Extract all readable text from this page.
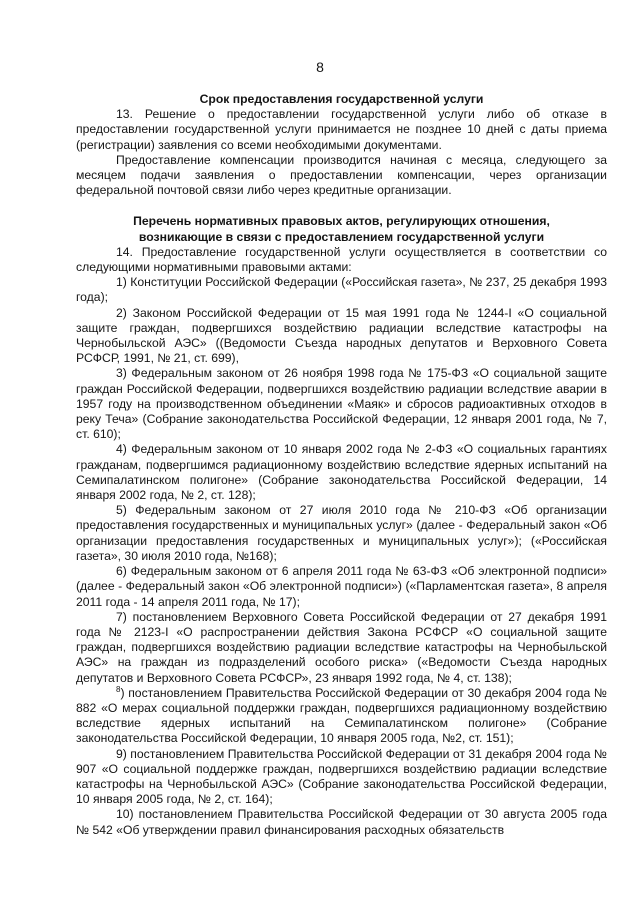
8
Срок предоставления государственной услуги

13. Решение о предоставлении государственной услуги либо об отказе в предоставлении государственной услуги принимается не позднее 10 дней с даты приема (регистрации) заявления со всеми необходимыми документами.

Предоставление компенсации производится начиная с месяца, следующего за месяцем подачи заявления о предоставлении компенсации, через организации федеральной почтовой связи либо через кредитные организации.

Перечень нормативных правовых актов, регулирующих отношения,
возникающие в связи с предоставлением государственной услуги

14. Предоставление государственной услуги осуществляется в соответствии со следующими нормативными правовыми актами:

1) Конституции Российской Федерации («Российская газета», № 237, 25 декабря 1993 года);

2) Законом Российской Федерации от 15 мая 1991 года № 1244-I «О социальной защите граждан, подвергшихся воздействию радиации вследствие катастрофы на Чернобыльской АЭС» ((Ведомости Съезда народных депутатов и Верховного Совета РСФСР, 1991, № 21, ст. 699),

3) Федеральным законом от 26 ноября 1998 года № 175-ФЗ «О социальной защите граждан Российской Федерации, подвергшихся воздействию радиации вследствие аварии в 1957 году на производственном объединении «Маяк» и сбросов радиоактивных отходов в реку Теча» (Собрание законодательства Российской Федерации, 12 января 2001 года, № 7, ст. 610);

4) Федеральным законом от 10 января 2002 года № 2-ФЗ «О социальных гарантиях гражданам, подвергшимся радиационному воздействию вследствие ядерных испытаний на Семипалатинском полигоне» (Собрание законодательства Российской Федерации, 14 января 2002 года, № 2, ст. 128);

5) Федеральным законом от 27 июля 2010 года № 210-ФЗ «Об организации предоставления государственных и муниципальных услуг» (далее - Федеральный закон «Об организации предоставления государственных и муниципальных услуг»); («Российская газета», 30 июля 2010 года, №168);

6) Федеральным законом от 6 апреля 2011 года № 63-ФЗ «Об электронной подписи» (далее - Федеральный закон «Об электронной подписи») («Парламентская газета», 8 апреля 2011 года - 14 апреля 2011 года, № 17);

7) постановлением Верховного Совета Российской Федерации от 27 декабря 1991 года № 2123-I «О распространении действия Закона РСФСР «О социальной защите граждан, подвергшихся воздействию радиации вследствие катастрофы на Чернобыльской АЭС» на граждан из подразделений особого риска» («Ведомости Съезда народных депутатов и Верховного Совета РСФСР», 23 января 1992 года, № 4, ст. 138);

$^8$) постановлением Правительства Российской Федерации от 30 декабря 2004 года № 882 «О мерах социальной поддержки граждан, подвергшихся радиационному воздействию вследствие ядерных испытаний на Семипалатинском полигоне» (Собрание законодательства Российской Федерации, 10 января 2005 года, №2, ст. 151);

9) постановлением Правительства Российской Федерации от 31 декабря 2004 года № 907 «О социальной поддержке граждан, подвергшихся воздействию радиации вследствие катастрофы на Чернобыльской АЭС» (Собрание законодательства Российской Федерации, 10 января 2005 года, № 2, ст. 164);

10) постановлением Правительства Российской Федерации от 30 августа 2005 года № 542 «Об утверждении правил финансирования расходных обязательств
